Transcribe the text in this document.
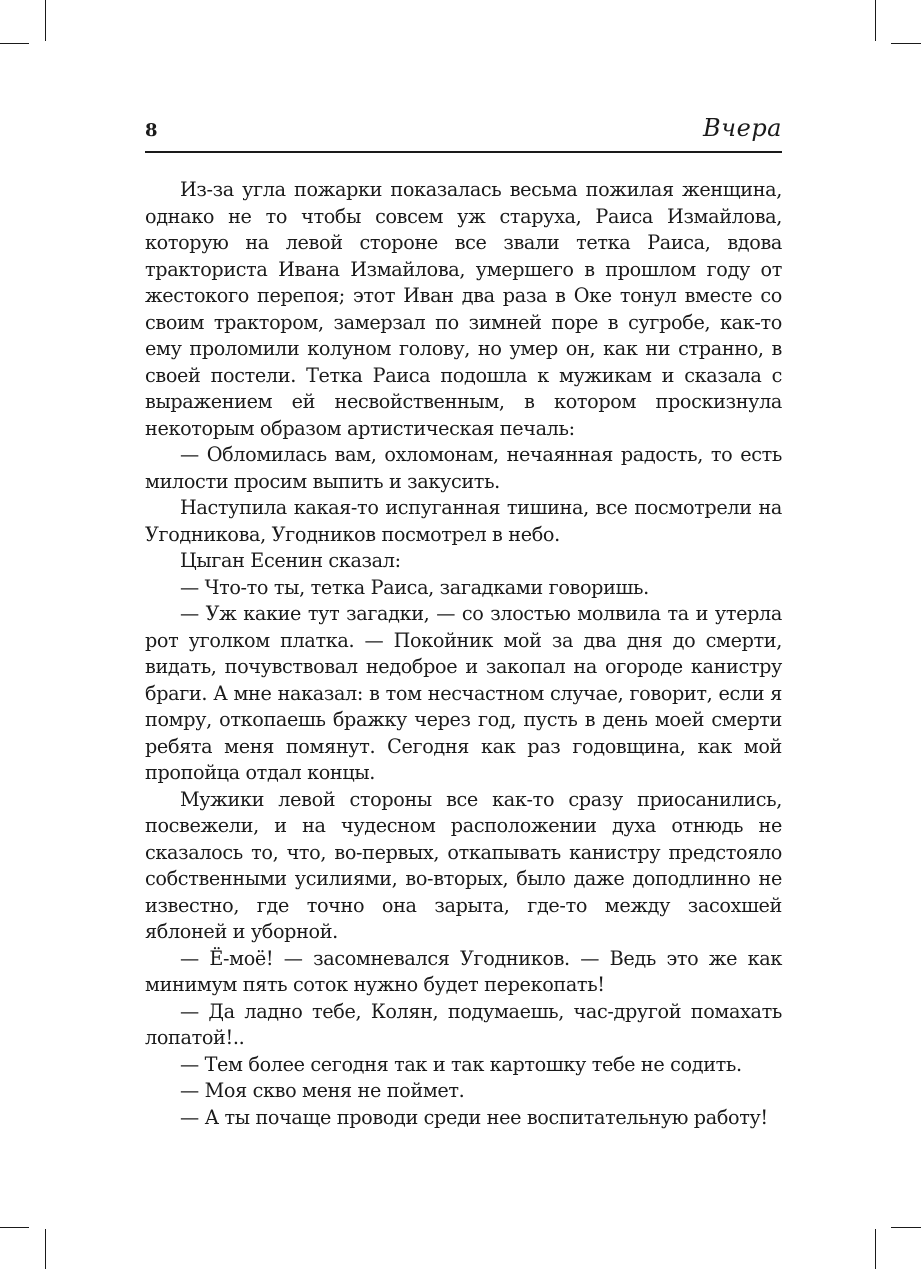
8	Вчера

Из-за угла пожарки показалась весьма пожилая женщина, однако не то чтобы совсем уж старуха, Раиса Измайлова, которую на левой стороне все звали тетка Раиса, вдова тракториста Ивана Измайлова, умершего в прошлом году от жестокого перепоя; этот Иван два раза в Оке тонул вместе со своим трактором, замерзал по зимней поре в сугробе, как-то ему проломили колуном голову, но умер он, как ни странно, в своей постели. Тетка Раиса подошла к мужикам и сказала с выражением ей несвойственным, в котором проскизнула некоторым образом артистическая печаль:

— Обломилась вам, охломонам, нечаянная радость, то есть милости просим выпить и закусить.

Наступила какая-то испуганная тишина, все посмотрели на Угодникова, Угодников посмотрел в небо.

Цыган Есенин сказал:

— Что-то ты, тетка Раиса, загадками говоришь.

— Уж какие тут загадки, — со злостью молвила та и утерла рот уголком платка. — Покойник мой за два дня до смерти, видать, почувствовал недоброе и закопал на огороде канистру браги. А мне наказал: в том несчастном случае, говорит, если я помру, откопаешь бражку через год, пусть в день моей смерти ребята меня помянут. Сегодня как раз годовщина, как мой пропойца отдал концы.

Мужики левой стороны все как-то сразу приосанились, посвежели, и на чудесном расположении духа отнюдь не сказалось то, что, во-первых, откапывать канистру предстояло собственными усилиями, во-вторых, было даже доподлинно не известно, где точно она зарыта, где-то между засохшей яблоней и уборной.

— Ё-моё! — засомневался Угодников. — Ведь это же как минимум пять соток нужно будет перекопать!

— Да ладно тебе, Колян, подумаешь, час-другой помахать лопатой!..

— Тем более сегодня так и так картошку тебе не содить.

— Моя скво меня не поймет.

— А ты почаще проводи среди нее воспитательную работу!
